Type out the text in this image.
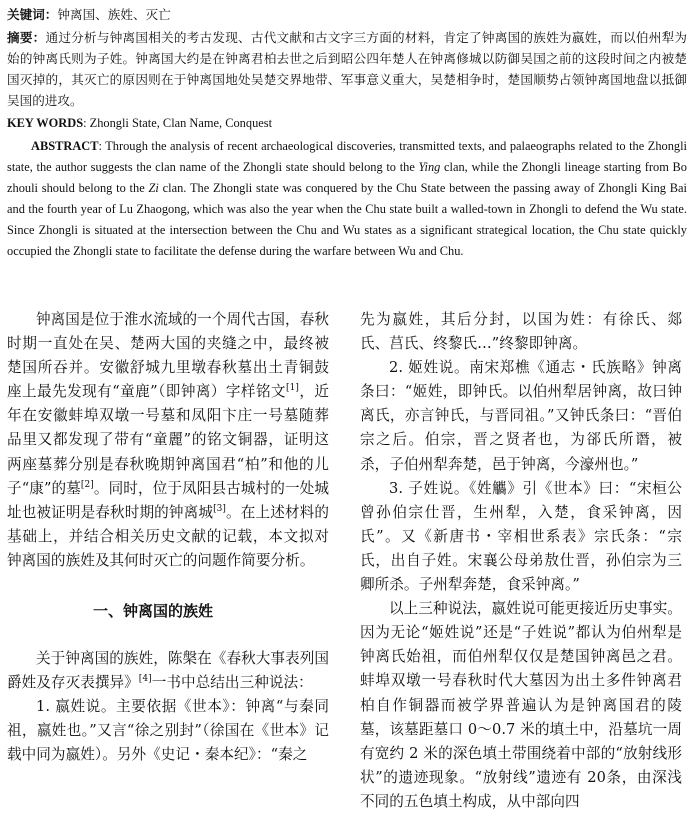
关键词：钟离国、族姓、灭亡

摘要：通过分析与钟离国相关的考古发现、古代文献和古文字三方面的材料，肯定了钟离国的族姓为嬴姓，而以伯州犁为始的钟离氏则为子姓。钟离国大约是在钟离君柏去世之后到昭公四年楚人在钟离修城以防御吴国之前的这段时间之内被楚国灭掉的，其灭亡的原因则在于钟离国地处吴楚交界地带、军事意义重大，吴楚相争时，楚国顺势占领钟离国地盘以抵御吴国的进攻。

KEY WORDS: Zhongli State, Clan Name, Conquest

ABSTRACT: Through the analysis of recent archaeological discoveries, transmitted texts, and palaeographs related to the Zhongli state, the author suggests the clan name of the Zhongli state should belong to the Ying clan, while the Zhongli lineage starting from Bo zhouli should belong to the Zi clan. The Zhongli state was conquered by the Chu State between the passing away of Zhongli King Bai and the fourth year of Lu Zhaogong, which was also the year when the Chu state built a walled-town in Zhongli to defend the Wu state. Since Zhongli is situated at the intersection between the Chu and Wu states as a significant strategical location, the Chu state quickly occupied the Zhongli state to facilitate the defense during the warfare between Wu and Chu.

钟离国是位于淮水流域的一个周代古国，春秋时期一直处在吴、楚两大国的夹缝之中，最终被楚国所吞并。安徽舒城九里墩春秋墓出土青铜鼓座上最先发现有“童鹿”（即钟离）字样铭文[1]，近年在安徽蚌埠双墩一号墓和凤阳卞庄一号墓随葬品里又都发现了带有“童麗”的铭文铜器，证明这两座墓葬分别是春秋晚期钟离国君“柏”和他的儿子“康”的墓[2]。同时，位于凤阳县古城村的一处城址也被证明是春秋时期的钟离城[3]。在上述材料的基础上，并结合相关历史文献的记载，本文拟对钟离国的族姓及其何时灭亡的问题作简要分析。

一、钟离国的族姓

关于钟离国的族姓，陈槃在《春秋大事表列国爵姓及存灭表撰异》[4]一书中总结出三种说法：

1. 嬴姓说。主要依据《世本》：钟离“与秦同祖，嬴姓也。”又言“徐之别封”（徐国在《世本》记载中同为嬴姓）。另外《史记・秦本纪》：“秦之

先为嬴姓，其后分封，以国为姓：有徐氏、郯氏、莒氏、终黎氏…”终黎即钟离。

2. 姬姓说。南宋郑樵《通志・氏族略》钟离条曰：“姬姓，即钟氏。以伯州犁居钟离，故曰钟离氏，亦言钟氏，与晋同祖。”又钟氏条曰：“晋伯宗之后。伯宗，晋之贤者也，为郤氏所谮，被杀，子伯州犁奔楚，邑于钟离，今濠州也。”

3. 子姓说。《姓觿》引《世本》曰：“宋桓公曾孙伯宗仕晋，生州犁，入楚，食采钟离，因氏”。又《新唐书・宰相世系表》宗氏条：“宗氏，出自子姓。宋襄公母弟敖仕晋，孙伯宗为三卿所杀。子州犁奔楚，食采钟离。”

以上三种说法，嬴姓说可能更接近历史事实。因为无论“姬姓说”还是“子姓说”都认为伯州犁是钟离氏始祖，而伯州犁仅仅是楚国钟离邑之君。蚌埠双墩一号春秋时代大墓因为出土多件钟离君柏自作铜器而被学界普遍认为是钟离国君的陵墓，该墓距墓口 0～0.7 米的填土中，沿墓坑一周有宽约 2 米的深色填土带围绕着中部的“放射线形状”的遗迹现象。“放射线”遗迹有 20条，由深浅不同的五色填土构成，从中部向四
